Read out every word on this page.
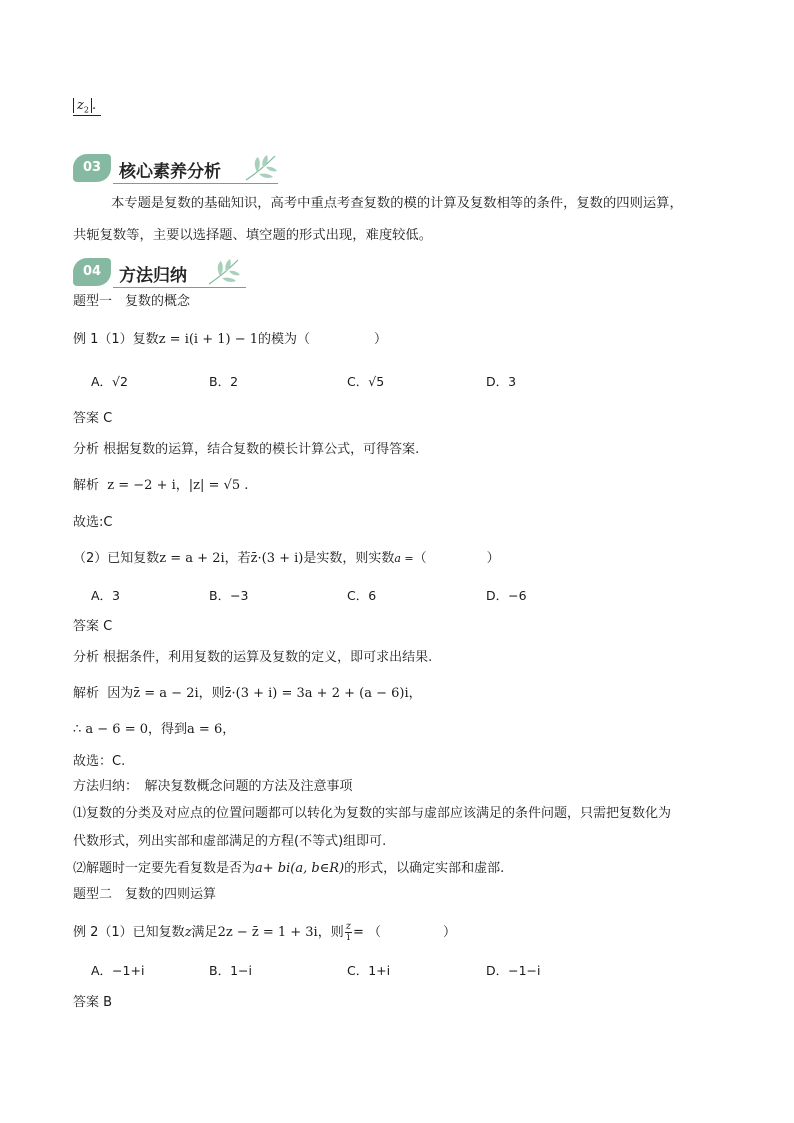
$z_2$ .
03	核心素养分析
本专题是复数的基础知识，高考中重点考查复数的模的计算及复数相等的条件，复数的四则运算，
共轭复数等，主要以选择题、填空题的形式出现，难度较低。
04	方法归纳
题型一　复数的概念
例 1（1）复数z = i(i + 1) − 1的模为（	）
A．√2	B．2	C．√5	D．3
答案 C
分析 根据复数的运算，结合复数的模长计算公式，可得答案.
解析 z = −2 + i，|z| = √5 .
故选:C
（2）已知复数z = a + 2i，若z̄·(3 + i)是实数，则实数a =（	）
A．3	B．−3	C．6	D．−6
答案 C
分析 根据条件，利用复数的运算及复数的定义，即可求出结果.
解析 因为z̄ = a − 2i，则z̄·(3 + i) = 3a + 2 + (a − 6)i，
∴ a − 6 = 0，得到a = 6，
故选：C.
方法归纳：　解决复数概念问题的方法及注意事项
⑴复数的分类及对应点的位置问题都可以转化为复数的实部与虚部应该满足的条件问题，只需把复数化为
代数形式，列出实部和虚部满足的方程(不等式)组即可.
⑵解题时一定要先看复数是否为a+ bi(a, b∈R)的形式，以确定实部和虚部.
题型二　复数的四则运算
例 2（1）已知复数z满足2z − z̄ = 1 + 3i，则 $\frac{z}{i}$ = （	）
A．−1+i	B．1−i	C．1+i	D．−1−i
答案 B
